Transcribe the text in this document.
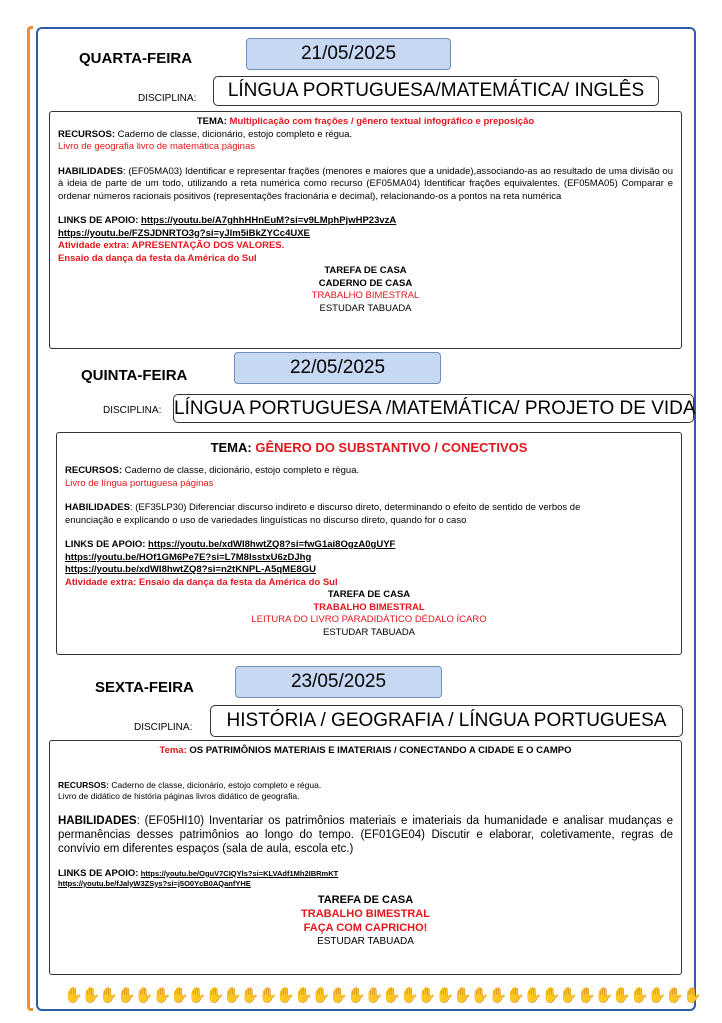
QUARTA-FEIRA	21/05/2025
DISCIPLINA:	LÍNGUA PORTUGUESA/MATEMÁTICA/ INGLÊS

TEMA: Multiplicação com frações / gênero textual infográfico e preposição

RECURSOS: Caderno de classe, dicionário, estojo completo e régua.

Livro de geografia livro de matemática páginas

HABILIDADES: (EF05MA03) Identificar e representar frações (menores e maiores que a unidade),associando-as ao resultado de uma divisão ou à ideia de parte de um todo, utilizando a reta numérica como recurso (EF05MA04) Identificar frações equivalentes. (EF05MA05) Comparar e ordenar números racionais positivos (representações fracionária e decimal), relacionando-os a pontos na reta numérica

LINKS DE APOIO: https://youtu.be/A7ghhHHnEuM?si=v9LMphPjwHP23vzA

https://youtu.be/FZSJDNRTO3g?si=yJlm5iBkZYCc4UXE

Atividade extra: APRESENTAÇÃO DOS VALORES.

Ensaio da dança da festa da América do Sul

TAREFA DE CASA

CADERNO DE CASA

TRABALHO BIMESTRAL

ESTUDAR TABUADA

QUINTA-FEIRA	22/05/2025
DISCIPLINA: LÍNGUA PORTUGUESA /MATEMÁTICA/ PROJETO DE VIDA

TEMA: GÊNERO DO SUBSTANTIVO / CONECTIVOS

RECURSOS: Caderno de classe, dicionário, estojo completo e régua.

Livro de língua portuguesa páginas

HABILIDADES: (EF35LP30) Diferenciar discurso indireto e discurso direto, determinando o efeito de sentido de verbos de enunciação e explicando o uso de variedades linguísticas no discurso direto, quando for o caso

LINKS DE APOIO: https://youtu.be/xdWI8hwtZQ8?si=fwG1ai8OgzA0gUYF

https://youtu.be/HOf1GM6Pe7E?si=L7M8lsstxU6zDJhg

https://youtu.be/xdWI8hwtZQ8?si=n2tKNPL-A5qME8GU

Atividade extra: Ensaio da dança da festa da América do Sul

TAREFA DE CASA

TRABALHO BIMESTRAL

LEITURA DO LIVRO PARADIDÁTICO DÉDALO ÍCARO

ESTUDAR TABUADA

SEXTA-FEIRA	23/05/2025
DISCIPLINA:	HISTÓRIA / GEOGRAFIA / LÍNGUA PORTUGUESA

Tema: OS PATRIMÔNIOS MATERIAIS E IMATERIAIS / CONECTANDO A CIDADE E O CAMPO

RECURSOS: Caderno de classe, dicionário, estojo completo e régua.

Livro de didático de história páginas livros didático de geografia.

HABILIDADES: (EF05HI10) Inventariar os patrimônios materiais e imateriais da humanidade e analisar mudanças e permanências desses patrimônios ao longo do tempo. (EF01GE04) Discutir e elaborar, coletivamente, regras de convívio em diferentes espaços (sala de aula, escola etc.)

LINKS DE APOIO: https://youtu.be/OguV7CIQYls?si=KLVAdf1Mh2IBRmKT

https://youtu.be/fJalyW3ZSys?si=j5O0YcB0AQanfYHE

TAREFA DE CASA

TRABALHO BIMESTRAL

FAÇA COM CAPRICHO!

ESTUDAR TABUADA

✋ ✋ ✋ ✋ ✋ ✋ ✋ ✋ ✋ ✋ ✋ ✋ ✋ ✋ ✋ ✋ ✋ ✋ ✋ ✋ ✋ ✋ ✋ ✋ ✋ ✋ ✋ ✋ ✋ ✋ ✋ ✋ ✋ ✋ ✋ ✋
